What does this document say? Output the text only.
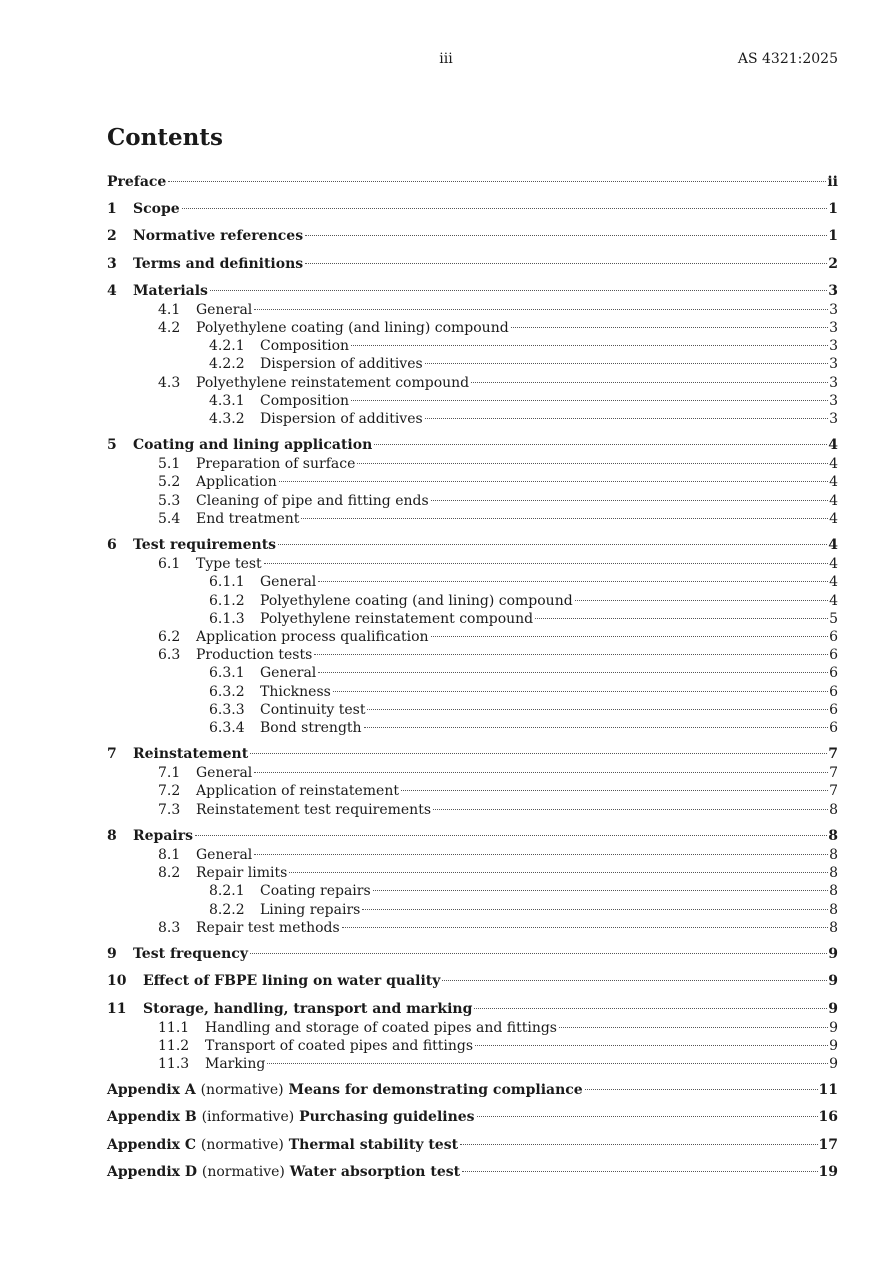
iii	AS 4321:2025
Contents
Preface	ii
1	Scope	1
2	Normative references	1
3	Terms and definitions	2
4	Materials	3
4.1	General	3
4.2	Polyethylene coating (and lining) compound	3
4.2.1	Composition	3
4.2.2	Dispersion of additives	3
4.3	Polyethylene reinstatement compound	3
4.3.1	Composition	3
4.3.2	Dispersion of additives	3
5	Coating and lining application	4
5.1	Preparation of surface	4
5.2	Application	4
5.3	Cleaning of pipe and fitting ends	4
5.4	End treatment	4
6	Test requirements	4
6.1	Type test	4
6.1.1	General	4
6.1.2	Polyethylene coating (and lining) compound	4
6.1.3	Polyethylene reinstatement compound	5
6.2	Application process qualification	6
6.3	Production tests	6
6.3.1	General	6
6.3.2	Thickness	6
6.3.3	Continuity test	6
6.3.4	Bond strength	6
7	Reinstatement	7
7.1	General	7
7.2	Application of reinstatement	7
7.3	Reinstatement test requirements	8
8	Repairs	8
8.1	General	8
8.2	Repair limits	8
8.2.1	Coating repairs	8
8.2.2	Lining repairs	8
8.3	Repair test methods	8
9	Test frequency	9
10	Effect of FBPE lining on water quality	9
11	Storage, handling, transport and marking	9
11.1	Handling and storage of coated pipes and fittings	9
11.2	Transport of coated pipes and fittings	9
11.3	Marking	9
Appendix A (normative) Means for demonstrating compliance	11
Appendix B (informative) Purchasing guidelines	16
Appendix C (normative) Thermal stability test	17
Appendix D (normative) Water absorption test	19
